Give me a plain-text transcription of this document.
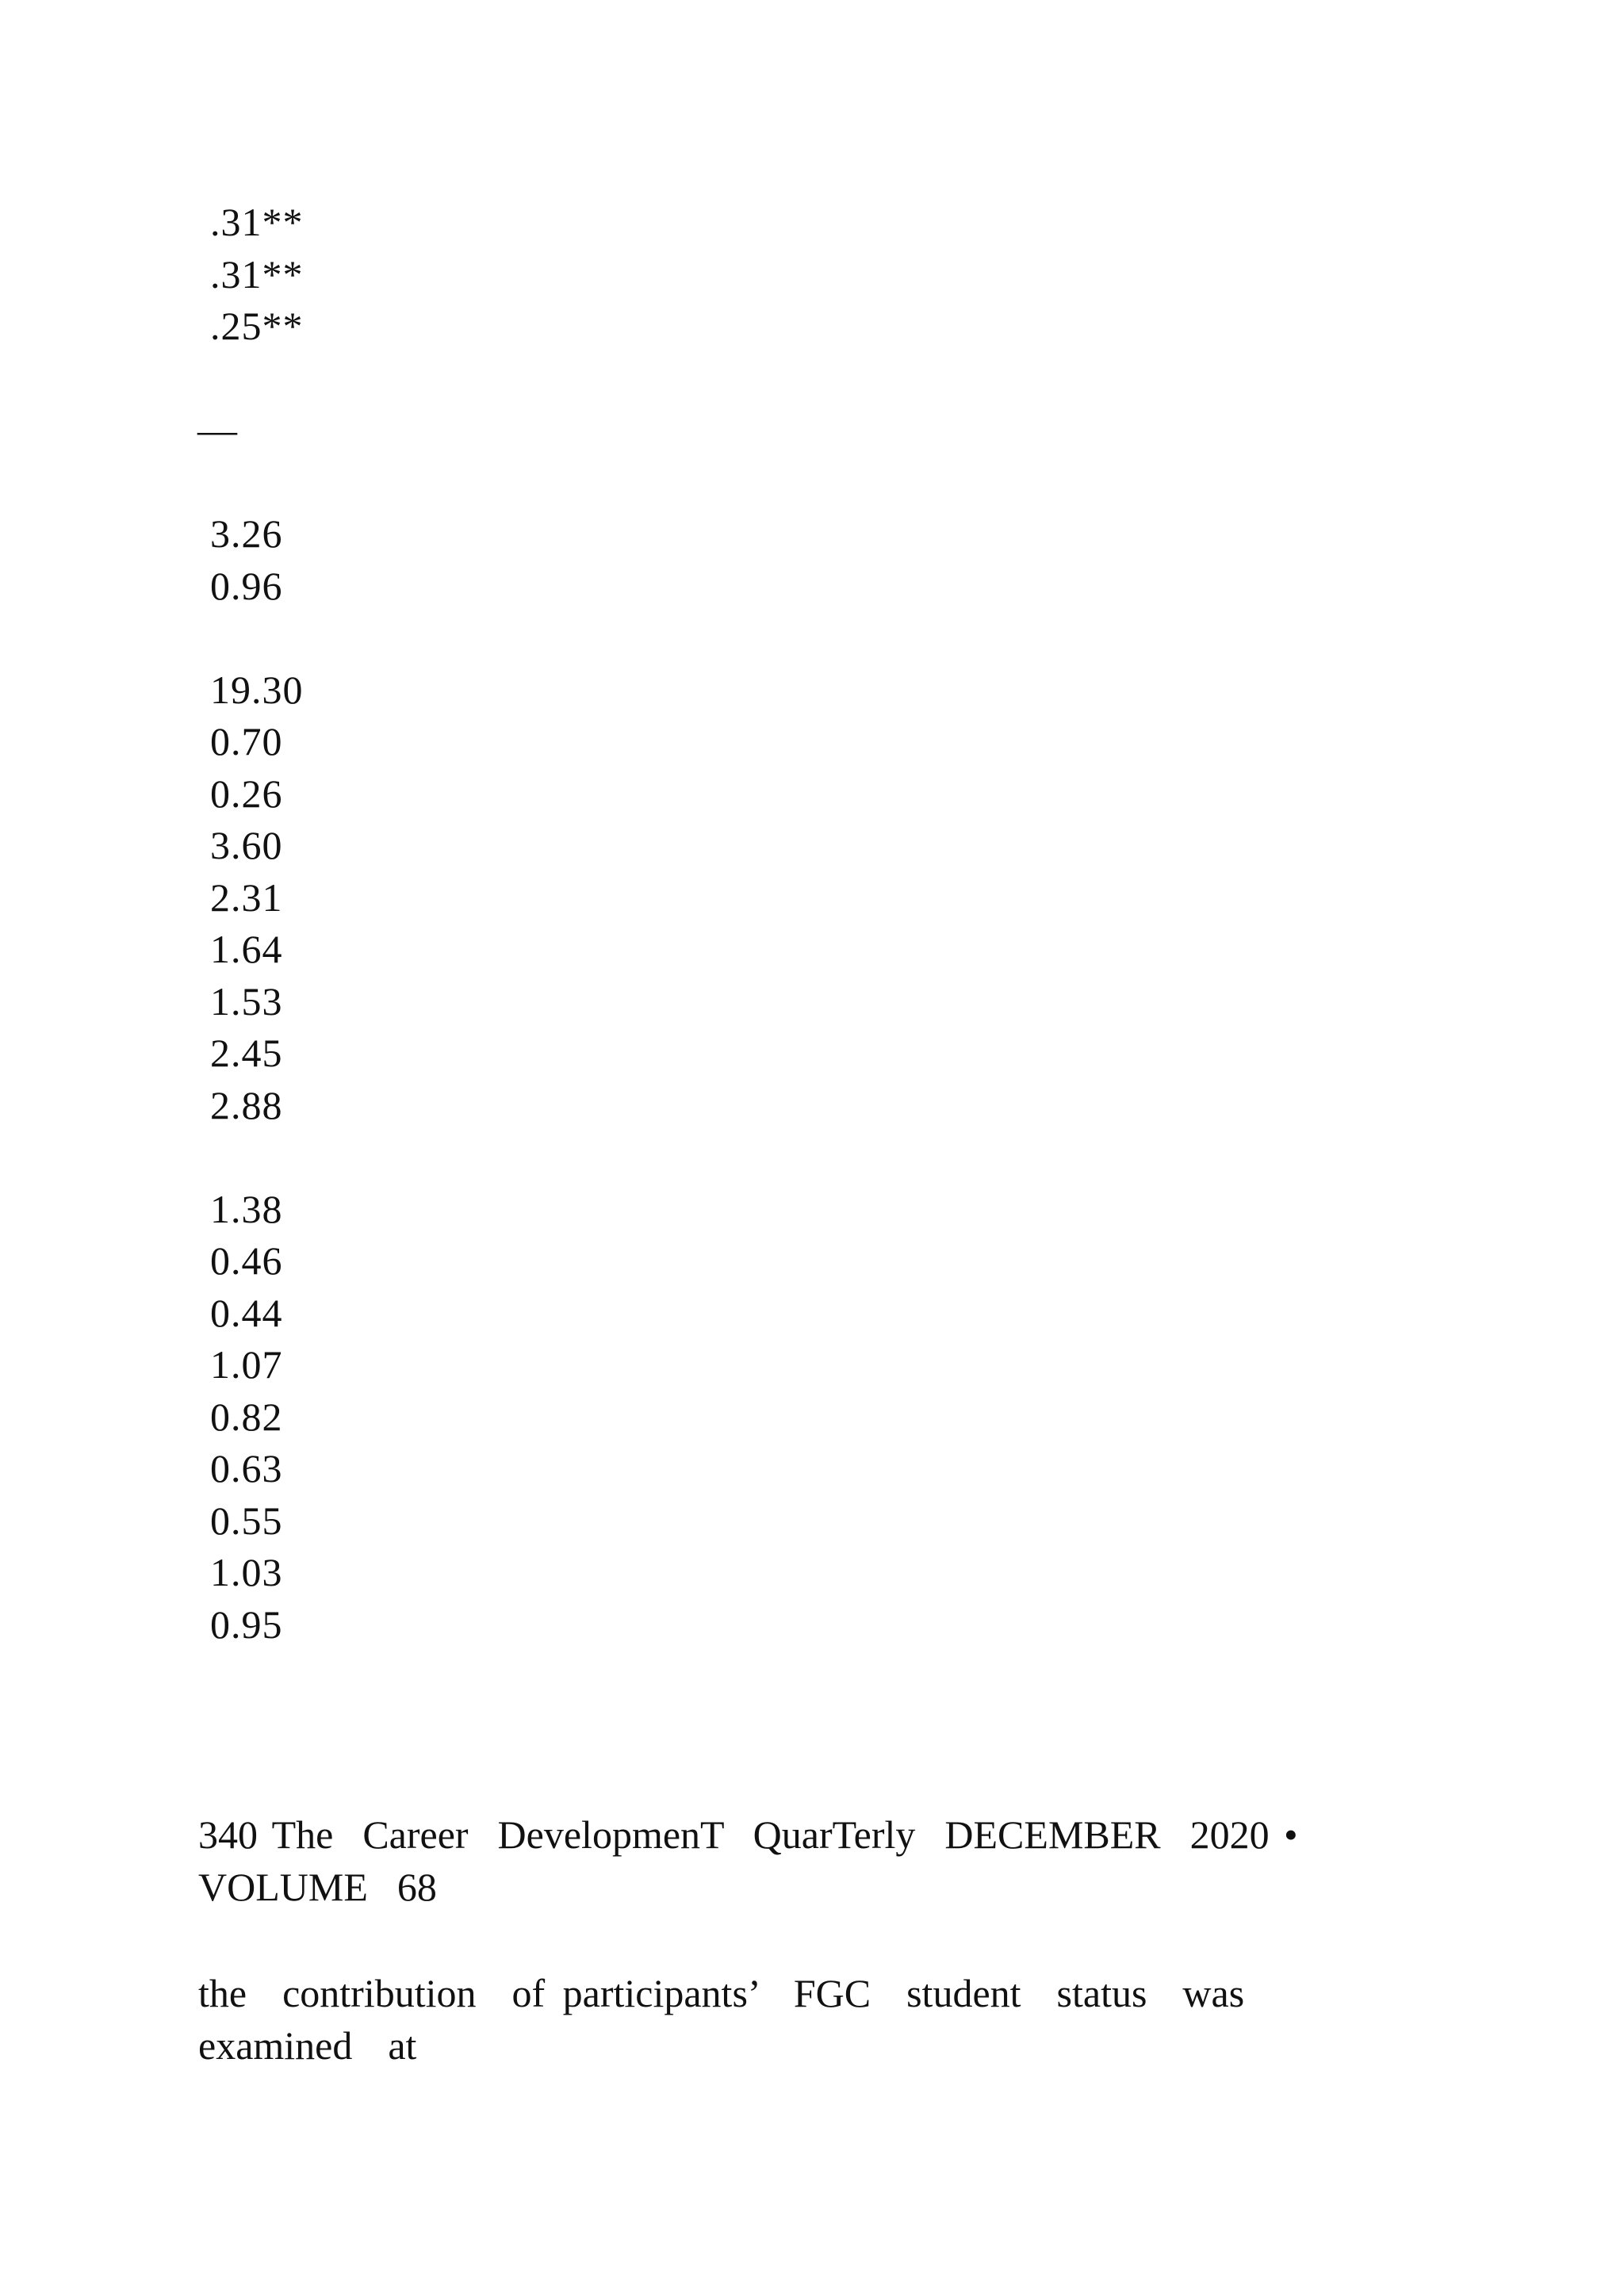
.31**
.31**
.25**
—
3.26
0.96
19.30
0.70
0.26
3.60
2.31
1.64
1.53
2.45
2.88
1.38
0.46
0.44
1.07
0.82
0.63
0.55
1.03
0.95
340 The  Career  DevelopmenT  QuarTerly  DECEMBER  2020 •
VOLUME  68
the  contribution  of participants’  FGC  student  status  was
examined  at
